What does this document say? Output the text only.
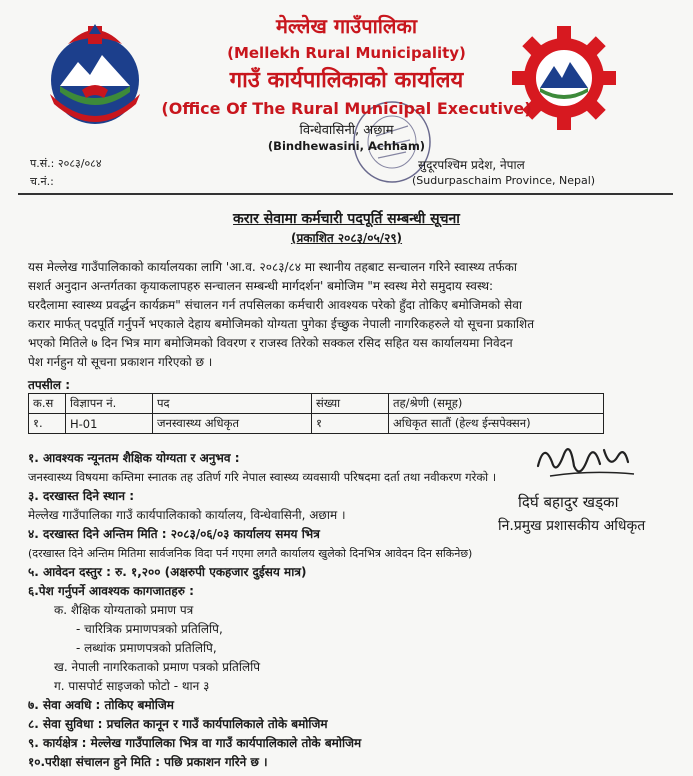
मेल्लेख गाउँपालिका
(Mellekh Rural Municipality)
गाउँ कार्यपालिकाको कार्यालय
(Office Of The Rural Municipal Executive)
विन्धेवासिनी, अछाम
(Bindhewasini, Achham)
प.सं.: २०८३/०८४
च.नं.:
सुदूरपश्चिम प्रदेश, नेपाल
(Sudurpaschaim Province, Nepal)
करार सेवामा कर्मचारी पदपूर्ति सम्बन्धी सूचना
(प्रकाशित २०८३/०५/२९)
यस मेल्लेख गाउँपालिकाको कार्यालयका लागि 'आ.व. २०८३/८४ मा स्थानीय तहबाट सन्चालन गरिने स्वास्थ्य तर्फका
सशर्त अनुदान अन्तर्गतका कृयाकलापहरु सन्चालन सम्बन्धी मार्गदर्शन' बमोजिम "म स्वस्थ मेरो समुदाय स्वस्थ:
घरदैलामा स्वास्थ्य प्रवर्द्धन कार्यक्रम" संचालन गर्न तपसिलका कर्मचारी आवश्यक परेको हुँदा तोकिए बमोजिमको सेवा
करार मार्फत् पदपूर्ति गर्नुपर्ने भएकाले देहाय बमोजिमको योग्यता पुगेका ईच्छुक नेपाली नागरिकहरुले यो सूचना प्रकाशित
भएको मितिले ७ दिन भित्र माग बमोजिमको विवरण र राजस्व तिरेको सक्कल रसिद सहित यस कार्यालयमा निवेदन
पेश गर्नहुन यो सूचना प्रकाशन गरिएको छ ।
तपसील :
क.स	विज्ञापन नं.	पद	संख्या	तह/श्रेणी (समूह)
१.	H-01	जनस्वास्थ्य अधिकृत	१	अधिकृत सातौं (हेल्थ ईन्सपेक्सन)
१. आवश्यक न्यूनतम शैक्षिक योग्यता र अनुभव :
जनस्वास्थ्य विषयमा कम्तिमा स्नातक तह उतिर्ण गरि नेपाल स्वास्थ्य व्यवसायी परिषदमा दर्ता तथा नवीकरण गरेको ।
३. दरखास्त दिने स्थान :
मेल्लेख गाउँपालिका गाउँ कार्यपालिकाको कार्यालय, विन्धेवासिनी, अछाम ।
४. दरखास्त दिने अन्तिम मिति : २०८३/०६/०३ कार्यालय समय भित्र
(दरखास्त दिने अन्तिम मितिमा सार्वजनिक विदा पर्न गएमा लगतै कार्यालय खुलेको दिनभित्र आवेदन दिन सकिनेछ)
५. आवेदन दस्तुर : रु. १,२०० (अक्षरुपी एकहजार दुईसय मात्र)
६.पेश गर्नुपर्ने आवश्यक कागजातहरु :
क. शैक्षिक योग्यताको प्रमाण पत्र
- चारित्रिक प्रमाणपत्रको प्रतिलिपि,
- लब्धांक प्रमाणपत्रको प्रतिलिपि,
ख. नेपाली नागरिकताको प्रमाण पत्रको प्रतिलिपि
ग. पासपोर्ट साइजको फोटो - थान ३
७. सेवा अवधि : तोकिए बमोजिम
८. सेवा सुविधा : प्रचलित कानून र गाउँ कार्यपालिकाले तोके बमोजिम
९. कार्यक्षेत्र : मेल्लेख गाउँपालिका भित्र वा गाउँ कार्यपालिकाले तोके बमोजिम
१०.परीक्षा संचालन हुने मिति : पछि प्रकाशन गरिने छ ।
दिर्घ बहादुर खड्का
नि.प्रमुख प्रशासकीय अधिकृत
